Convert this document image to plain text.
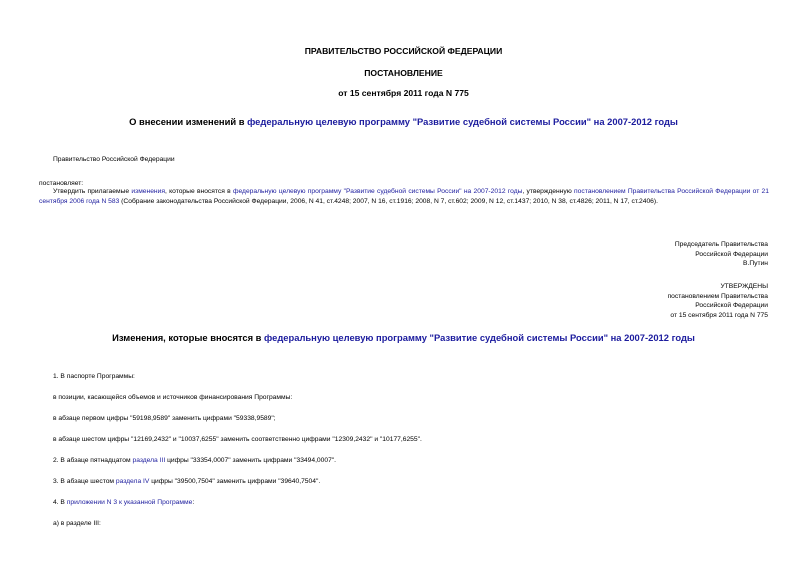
ПРАВИТЕЛЬСТВО РОССИЙСКОЙ ФЕДЕРАЦИИ
ПОСТАНОВЛЕНИЕ
от 15 сентября 2011 года N 775
О внесении изменений в федеральную целевую программу "Развитие судебной системы России" на 2007-2012 годы
Правительство Российской Федерации
постановляет:
Утвердить прилагаемые изменения, которые вносятся в федеральную целевую программу "Развитие судебной системы России" на 2007-2012 годы, утвержденную постановлением Правительства Российской Федерации от 21 сентября 2006 года N 583 (Собрание законодательства Российской Федерации, 2006, N 41, ст.4248; 2007, N 16, ст.1916; 2008, N 7, ст.602; 2009, N 12, ст.1437; 2010, N 38, ст.4826; 2011, N 17, ст.2406).
Председатель Правительства
Российской Федерации
В.Путин
УТВЕРЖДЕНЫ
постановлением Правительства
Российской Федерации
от 15 сентября 2011 года N 775
Изменения, которые вносятся в федеральную целевую программу "Развитие судебной системы России" на 2007-2012 годы
1. В паспорте Программы:
в позиции, касающейся объемов и источников финансирования Программы:
в абзаце первом цифры "59198,9589" заменить цифрами "59338,9589";
в абзаце шестом цифры "12169,2432" и "10037,6255" заменить соответственно цифрами "12309,2432" и "10177,6255".
2. В абзаце пятнадцатом раздела III цифры "33354,0007" заменить цифрами "33494,0007".
3. В абзаце шестом раздела IV цифры "39500,7504" заменить цифрами "39640,7504".
4. В приложении N 3 к указанной Программе:
а) в разделе III:
